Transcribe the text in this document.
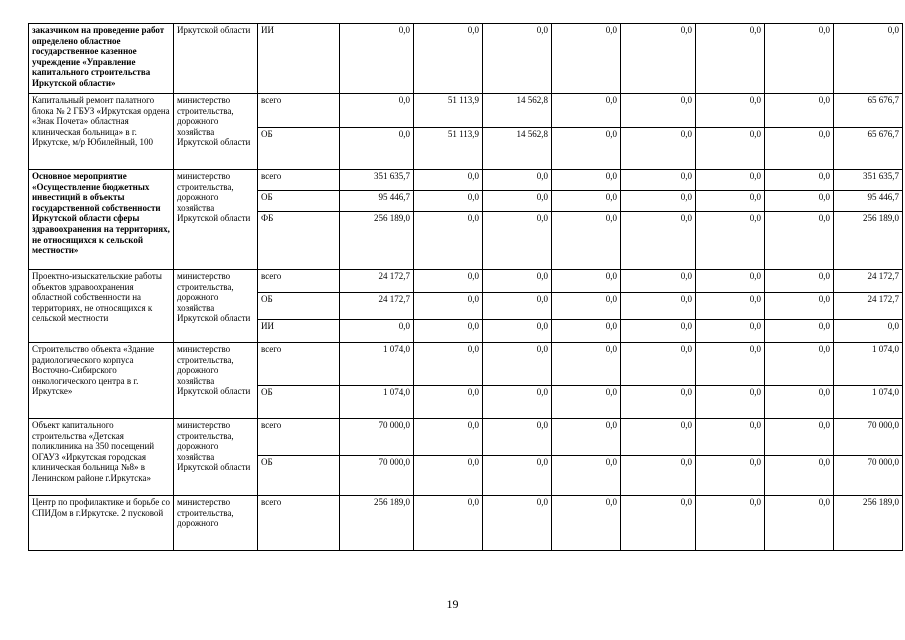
заказчиком на проведение работ определено областное государственное казенное учреждение «Управление капитального строительства Иркутской области»	Иркутской области	ИИ	0,0	0,0	0,0	0,0	0,0	0,0	0,0	0,0
Капитальный ремонт палатного блока № 2 ГБУЗ «Иркутская ордена «Знак Почета» областная клиническая больница» в г. Иркутске, м/р Юбилейный, 100	министерство строительства, дорожного хозяйства Иркутской области	всего	0,0	51 113,9	14 562,8	0,0	0,0	0,0	0,0	65 676,7
		ОБ	0,0	51 113,9	14 562,8	0,0	0,0	0,0	0,0	65 676,7
Основное мероприятие «Осуществление бюджетных инвестиций в объекты государственной собственности Иркутской области сферы здравоохранения на территориях, не относящихся к сельской местности»	министерство строительства, дорожного хозяйства Иркутской области	всего	351 635,7	0,0	0,0	0,0	0,0	0,0	0,0	351 635,7
		ОБ	95 446,7	0,0	0,0	0,0	0,0	0,0	0,0	95 446,7
		ФБ	256 189,0	0,0	0,0	0,0	0,0	0,0	0,0	256 189,0
Проектно-изыскательские работы объектов здравоохранения областной собственности на территориях, не относящихся к сельской местности	министерство строительства, дорожного хозяйства Иркутской области	всего	24 172,7	0,0	0,0	0,0	0,0	0,0	0,0	24 172,7
		ОБ	24 172,7	0,0	0,0	0,0	0,0	0,0	0,0	24 172,7
		ИИ	0,0	0,0	0,0	0,0	0,0	0,0	0,0	0,0
Строительство объекта «Здание радиологического корпуса Восточно-Сибирского онкологического центра в г. Иркутске»	министерство строительства, дорожного хозяйства Иркутской области	всего	1 074,0	0,0	0,0	0,0	0,0	0,0	0,0	1 074,0
		ОБ	1 074,0	0,0	0,0	0,0	0,0	0,0	0,0	1 074,0
Объект капитального строительства «Детская поликлиника на 350 посещений ОГАУЗ «Иркутская городская клиническая больница №8» в Ленинском районе г.Иркутска»	министерство строительства, дорожного хозяйства Иркутской области	всего	70 000,0	0,0	0,0	0,0	0,0	0,0	0,0	70 000,0
		ОБ	70 000,0	0,0	0,0	0,0	0,0	0,0	0,0	70 000,0
Центр по профилактике и борьбе со СПИДом в г.Иркутске. 2 пусковой	министерство строительства, дорожного	всего	256 189,0	0,0	0,0	0,0	0,0	0,0	0,0	256 189,0
19
